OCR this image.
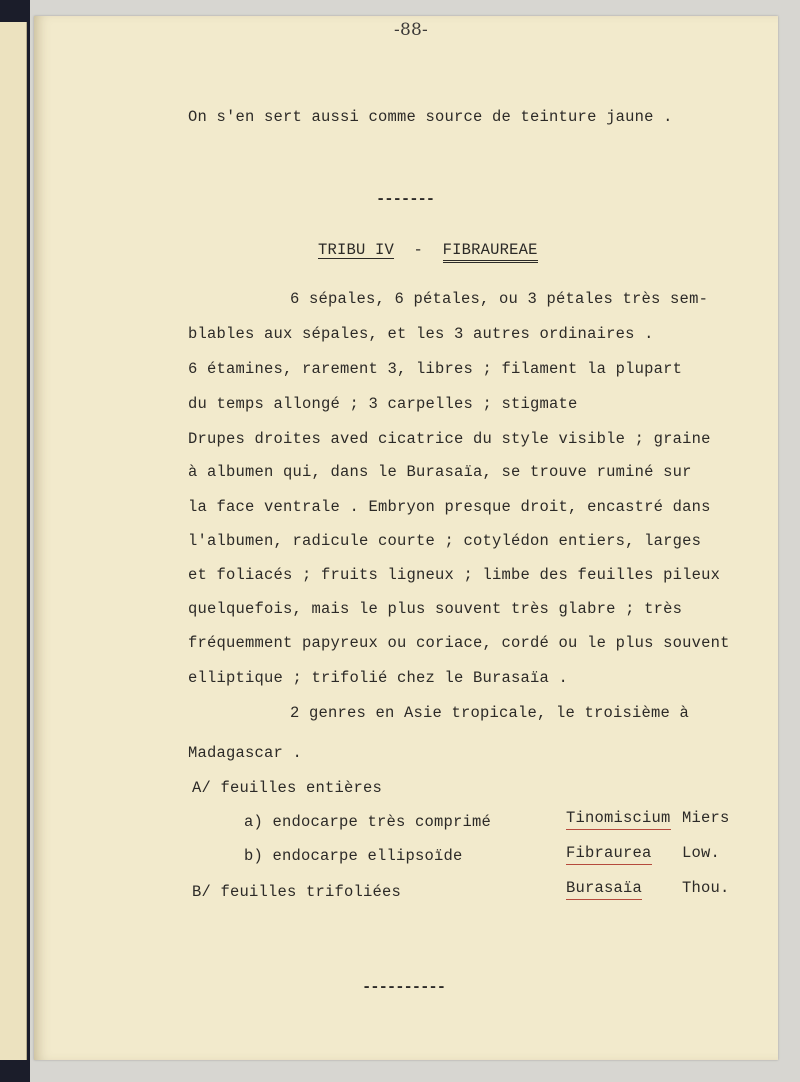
-88-
On s'en sert aussi comme source de teinture jaune .
-------
TRIBU IV - FIBRAUREAE
6 sépales, 6 pétales, ou 3 pétales très sem-
blables aux sépales, et les 3 autres ordinaires .
6 étamines, rarement 3, libres ; filament la plupart
du temps allongé ; 3 carpelles ; stigmate
Drupes droites aved cicatrice du style visible ; graine
à albumen qui, dans le Burasaïa, se trouve ruminé sur
la face ventrale . Embryon presque droit, encastré dans
l'albumen, radicule courte ; cotylédon entiers, larges
et foliacés ; fruits ligneux ; limbe des feuilles pileux
quelquefois, mais le plus souvent très glabre ; très
fréquemment papyreux ou coriace, cordé ou le plus souvent
elliptique ; trifolié chez le Burasaïa .
2 genres en Asie tropicale, le troisième à
Madagascar .
A/ feuilles entières
a) endocarpe très comprimé	Tinomiscium Miers
b) endocarpe ellipsoïde	Fibraurea Low.
B/ feuilles trifoliées	Burasaïa	Thou.
----------
